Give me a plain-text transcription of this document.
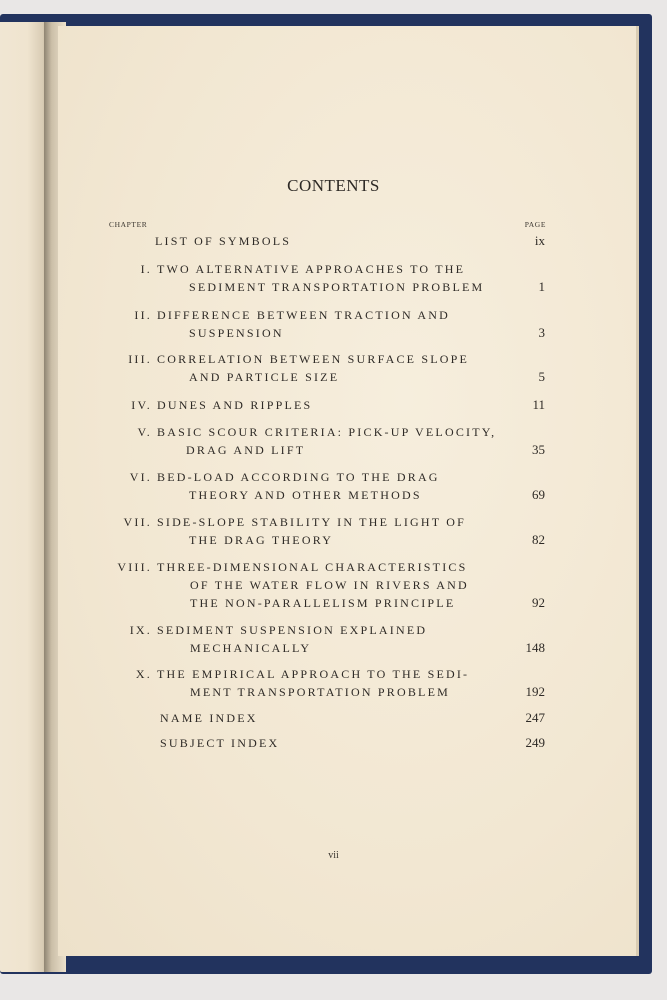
CONTENTS
CHAPTER	PAGE
LIST OF SYMBOLS	ix
I. TWO ALTERNATIVE APPROACHES TO THE
SEDIMENT TRANSPORTATION PROBLEM	1
II. DIFFERENCE BETWEEN TRACTION AND
SUSPENSION	3
III. CORRELATION BETWEEN SURFACE SLOPE
AND PARTICLE SIZE	5
IV. DUNES AND RIPPLES	11
V. BASIC SCOUR CRITERIA: PICK-UP VELOCITY,
DRAG AND LIFT	35
VI. BED-LOAD ACCORDING TO THE DRAG
THEORY AND OTHER METHODS	69
VII. SIDE-SLOPE STABILITY IN THE LIGHT OF
THE DRAG THEORY	82
VIII. THREE-DIMENSIONAL CHARACTERISTICS
OF THE WATER FLOW IN RIVERS AND
THE NON-PARALLELISM PRINCIPLE	92
IX. SEDIMENT SUSPENSION EXPLAINED
MECHANICALLY	148
X. THE EMPIRICAL APPROACH TO THE SEDI-
MENT TRANSPORTATION PROBLEM	192
NAME INDEX	247
SUBJECT INDEX	249
vii
